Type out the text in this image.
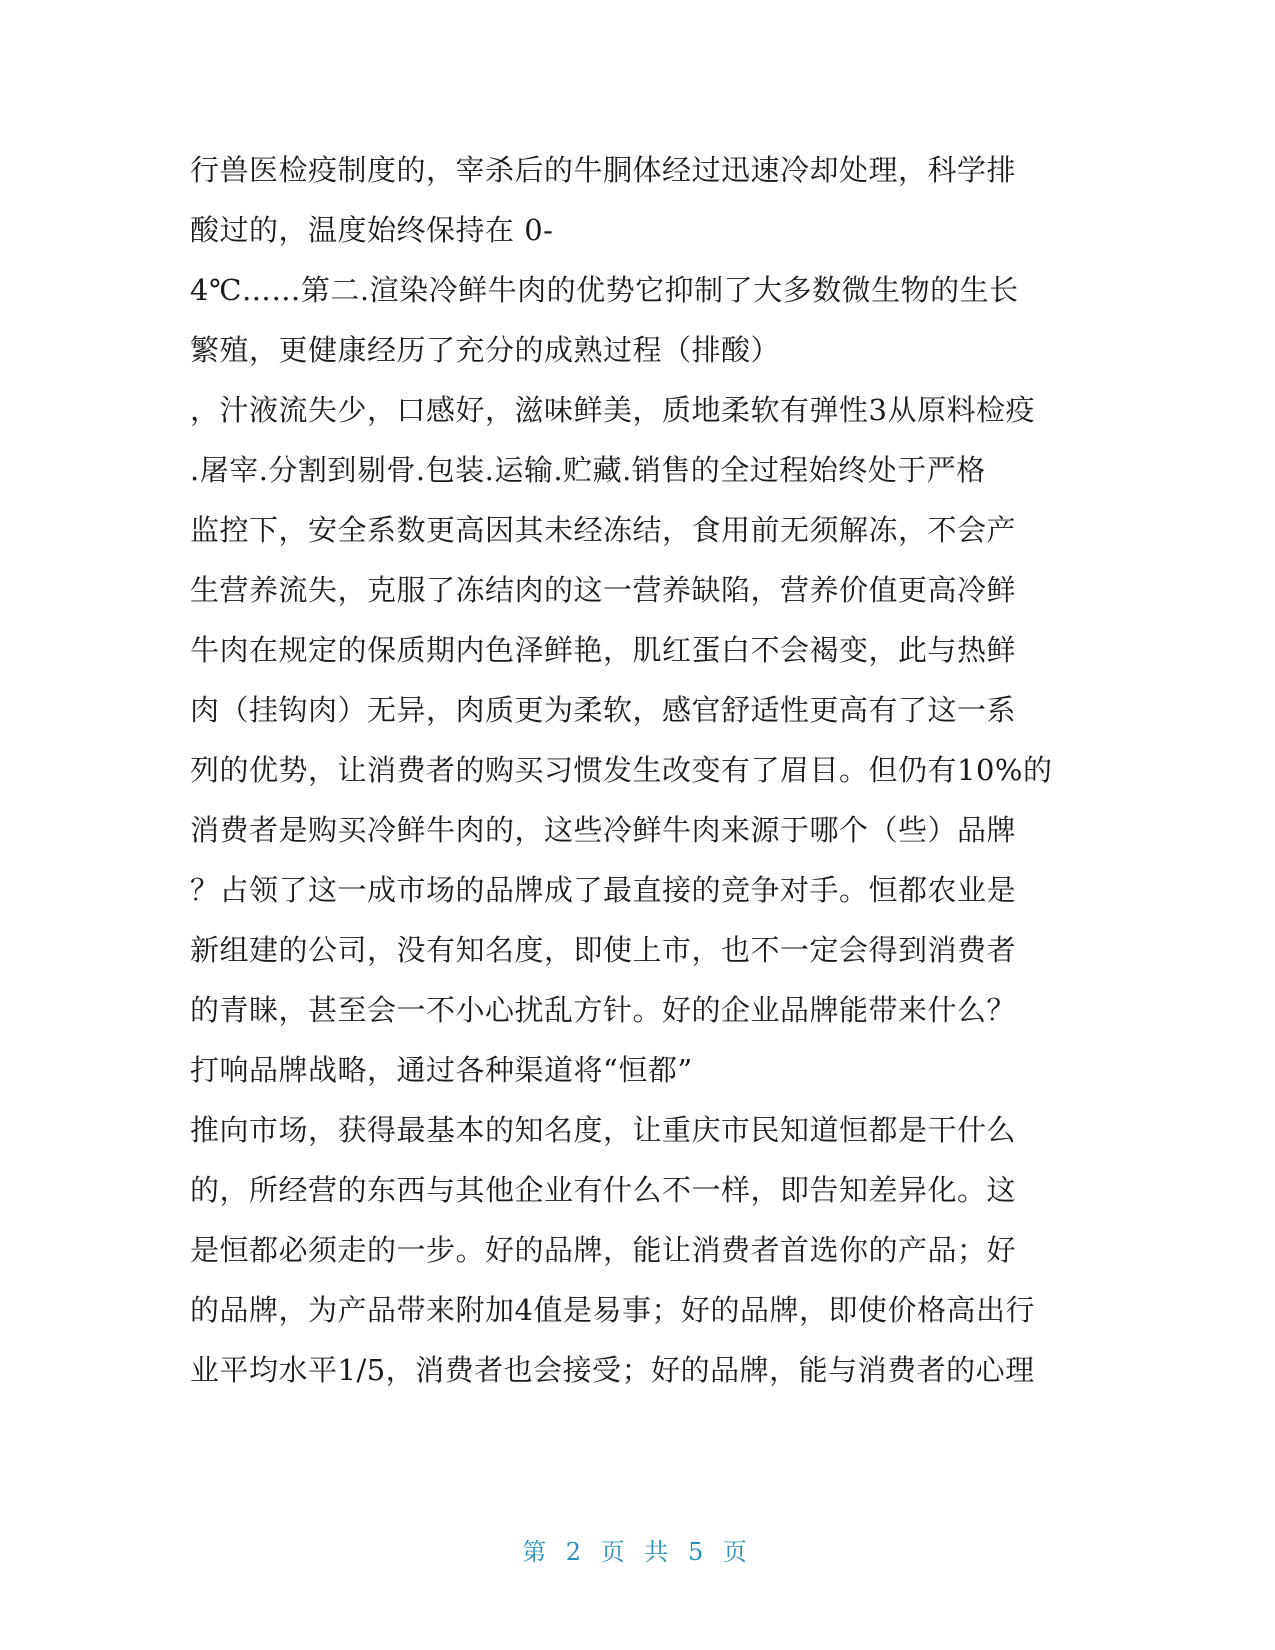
行兽医检疫制度的，宰杀后的牛胴体经过迅速冷却处理，科学排
酸过的，温度始终保持在 0-
4℃……第二.渲染冷鲜牛肉的优势它抑制了大多数微生物的生长
繁殖，更健康经历了充分的成熟过程（排酸）
，汁液流失少，口感好，滋味鲜美，质地柔软有弹性3从原料检疫
.屠宰.分割到剔骨.包装.运输.贮藏.销售的全过程始终处于严格
监控下，安全系数更高因其未经冻结，食用前无须解冻，不会产
生营养流失，克服了冻结肉的这一营养缺陷，营养价值更高冷鲜
牛肉在规定的保质期内色泽鲜艳，肌红蛋白不会褐变，此与热鲜
肉（挂钩肉）无异，肉质更为柔软，感官舒适性更高有了这一系
列的优势，让消费者的购买习惯发生改变有了眉目。但仍有10%的
消费者是购买冷鲜牛肉的，这些冷鲜牛肉来源于哪个（些）品牌
？占领了这一成市场的品牌成了最直接的竞争对手。恒都农业是
新组建的公司，没有知名度，即使上市，也不一定会得到消费者
的青睐，甚至会一不小心扰乱方针。好的企业品牌能带来什么？
打响品牌战略，通过各种渠道将“恒都”
推向市场，获得最基本的知名度，让重庆市民知道恒都是干什么
的，所经营的东西与其他企业有什么不一样，即告知差异化。这
是恒都必须走的一步。好的品牌，能让消费者首选你的产品；好
的品牌，为产品带来附加4值是易事；好的品牌，即使价格高出行
业平均水平1/5，消费者也会接受；好的品牌，能与消费者的心理
第 2 页 共 5 页
